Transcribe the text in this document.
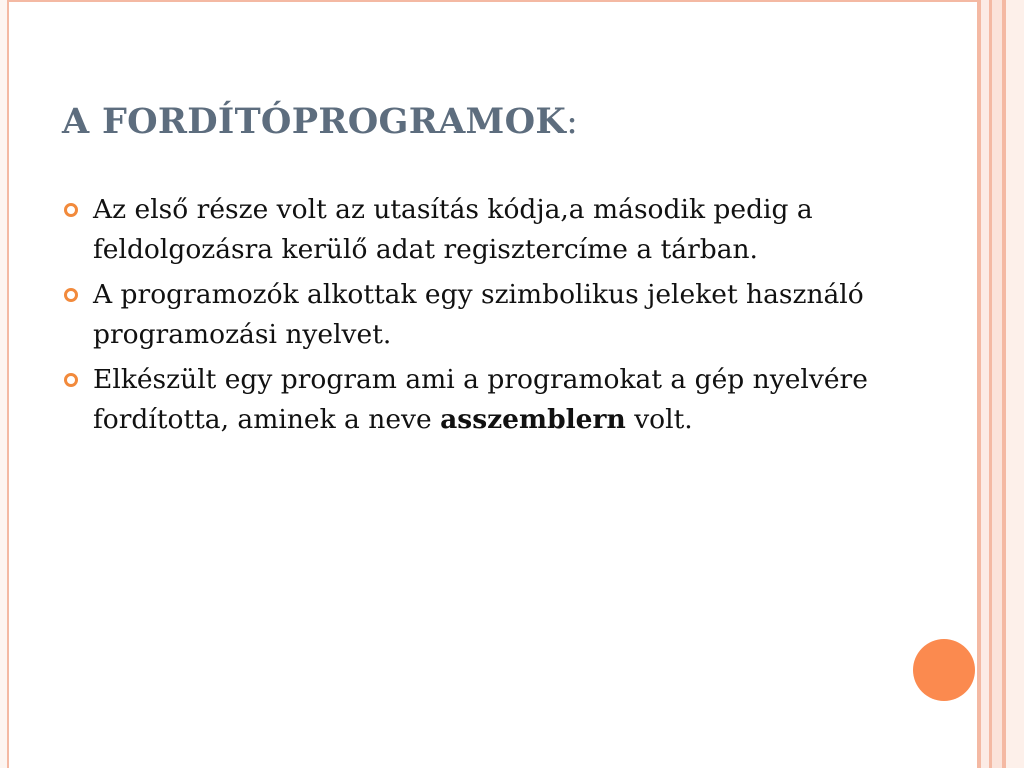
A FORDÍTÓPROGRAMOK:
Az első része volt az utasítás kódja,a második pedig a feldolgozásra kerülő adat regisztercíme a tárban.
A programozók alkottak egy szimbolikus jeleket használó programozási nyelvet.
Elkészült egy program ami a programokat a gép nyelvére fordította, aminek a neve asszemblern volt.
